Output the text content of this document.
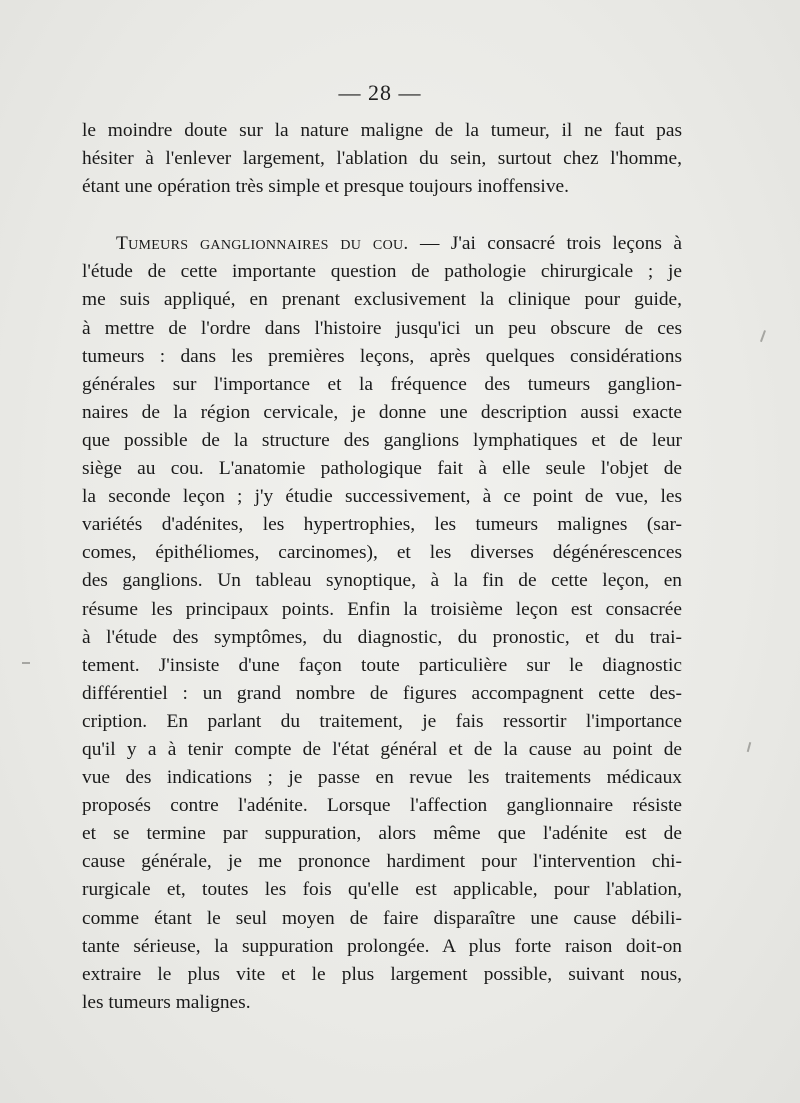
— 28 —
le moindre doute sur la nature maligne de la tumeur, il ne faut pas
hésiter à l'enlever largement, l'ablation du sein, surtout chez l'homme,
étant une opération très simple et presque toujours inoffensive.
Tumeurs ganglionnaires du cou. — J'ai consacré trois leçons à
l'étude de cette importante question de pathologie chirurgicale ; je
me suis appliqué, en prenant exclusivement la clinique pour guide,
à mettre de l'ordre dans l'histoire jusqu'ici un peu obscure de ces
tumeurs : dans les premières leçons, après quelques considérations
générales sur l'importance et la fréquence des tumeurs ganglion-
naires de la région cervicale, je donne une description aussi exacte
que possible de la structure des ganglions lymphatiques et de leur
siège au cou. L'anatomie pathologique fait à elle seule l'objet de
la seconde leçon ; j'y étudie successivement, à ce point de vue, les
variétés d'adénites, les hypertrophies, les tumeurs malignes (sar-
comes, épithéliomes, carcinomes), et les diverses dégénérescences
des ganglions. Un tableau synoptique, à la fin de cette leçon, en
résume les principaux points. Enfin la troisième leçon est consacrée
à l'étude des symptômes, du diagnostic, du pronostic, et du trai-
tement. J'insiste d'une façon toute particulière sur le diagnostic
différentiel : un grand nombre de figures accompagnent cette des-
cription. En parlant du traitement, je fais ressortir l'importance
qu'il y a à tenir compte de l'état général et de la cause au point de
vue des indications ; je passe en revue les traitements médicaux
proposés contre l'adénite. Lorsque l'affection ganglionnaire résiste
et se termine par suppuration, alors même que l'adénite est de
cause générale, je me prononce hardiment pour l'intervention chi-
rurgicale et, toutes les fois qu'elle est applicable, pour l'ablation,
comme étant le seul moyen de faire disparaître une cause débili-
tante sérieuse, la suppuration prolongée. A plus forte raison doit-on
extraire le plus vite et le plus largement possible, suivant nous,
les tumeurs malignes.
